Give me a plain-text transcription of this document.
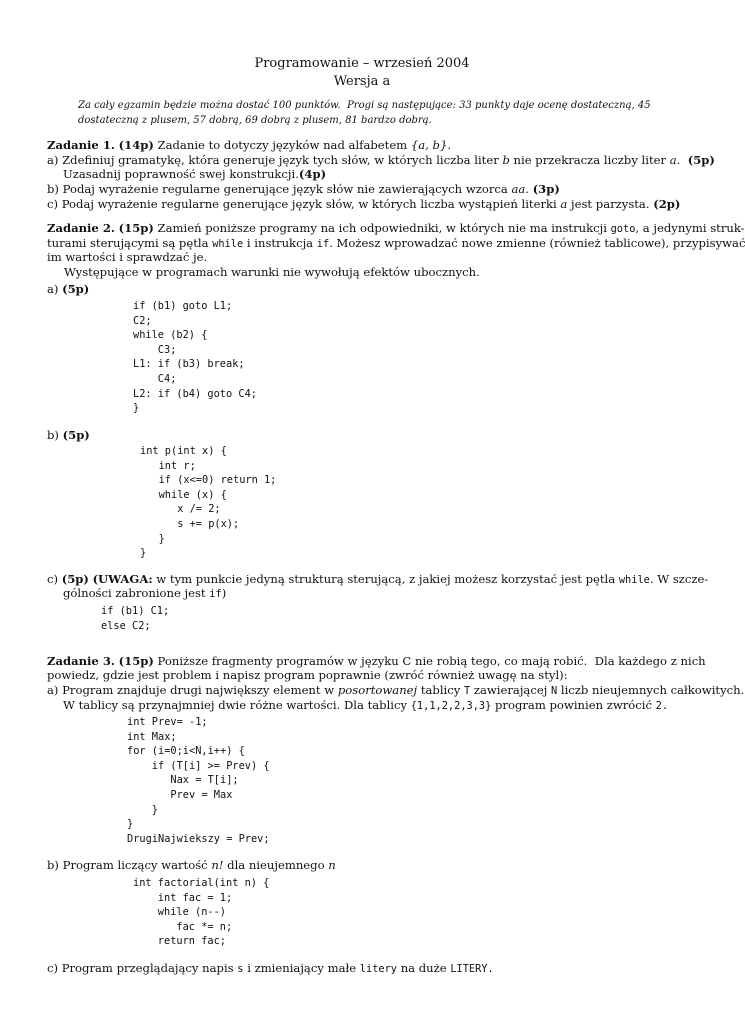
Programowanie – wrzesień 2004
Wersja a
Za cały egzamin będzie można dostać 100 punktów.  Progi są następujące: 33 punkty daje ocenę dostateczną, 45
dostateczną z plusem, 57 dobrą, 69 dobrą z plusem, 81 bardzo dobrą.
Zadanie 1. (14p) Zadanie to dotyczy języków nad alfabetem {a, b}.
a) Zdefiniuj gramatykę, która generuje język tych słów, w których liczba liter b nie przekracza liczby liter a. (5p)
Uzasadnij poprawność swej konstrukcji.(4p)
b) Podaj wyrażenie regularne generujące język słów nie zawierających wzorca aa. (3p)
c) Podaj wyrażenie regularne generujące język słów, w których liczba wystąpień literki a jest parzysta. (2p)
Zadanie 2. (15p) Zamień poniższe programy na ich odpowiedniki, w których nie ma instrukcji goto, a jedynymi struk-
turami sterującymi są pętla while i instrukcja if. Możesz wprowadzać nowe zmienne (również tablicowe), przypisywać
im wartości i sprawdzać je.
Występujące w programach warunki nie wywołują efektów ubocznych.
a) (5p)
if (b1) goto L1;
C2;
while (b2) {
C3;
L1: if (b3) break;
C4;
L2: if (b4) goto C4;
}
b) (5p)
int p(int x) {
int r;
if (x<=0) return 1;
while (x) {
x /= 2;
s += p(x);
}
}
c) (5p) (UWAGA: w tym punkcie jedyną strukturą sterującą, z jakiej możesz korzystać jest pętla while. W szcze-
gólności zabronione jest if)
if (b1) C1;
else C2;
Zadanie 3. (15p) Poniższe fragmenty programów w języku C nie robią tego, co mają robić.  Dla każdego z nich
powiedz, gdzie jest problem i napisz program poprawnie (zwróć również uwagę na styl):
a) Program znajduje drugi największy element w posortowanej tablicy T zawierającej N liczb nieujemnych całkowitych.
W tablicy są przynajmniej dwie różne wartości. Dla tablicy {1,1,2,2,3,3} program powinien zwrócić 2.
int Prev= -1;
int Max;
for (i=0;i<N,i++) {
if (T[i] >= Prev) {
Nax = T[i];
Prev = Max
}
}
DrugiNajwiekszy = Prev;
b) Program liczący wartość n! dla nieujemnego n
int factorial(int n) {
int fac = 1;
while (n--)
fac *= n;
return fac;
c) Program przeglądający napis s i zmieniający małe litery na duże LITERY.
